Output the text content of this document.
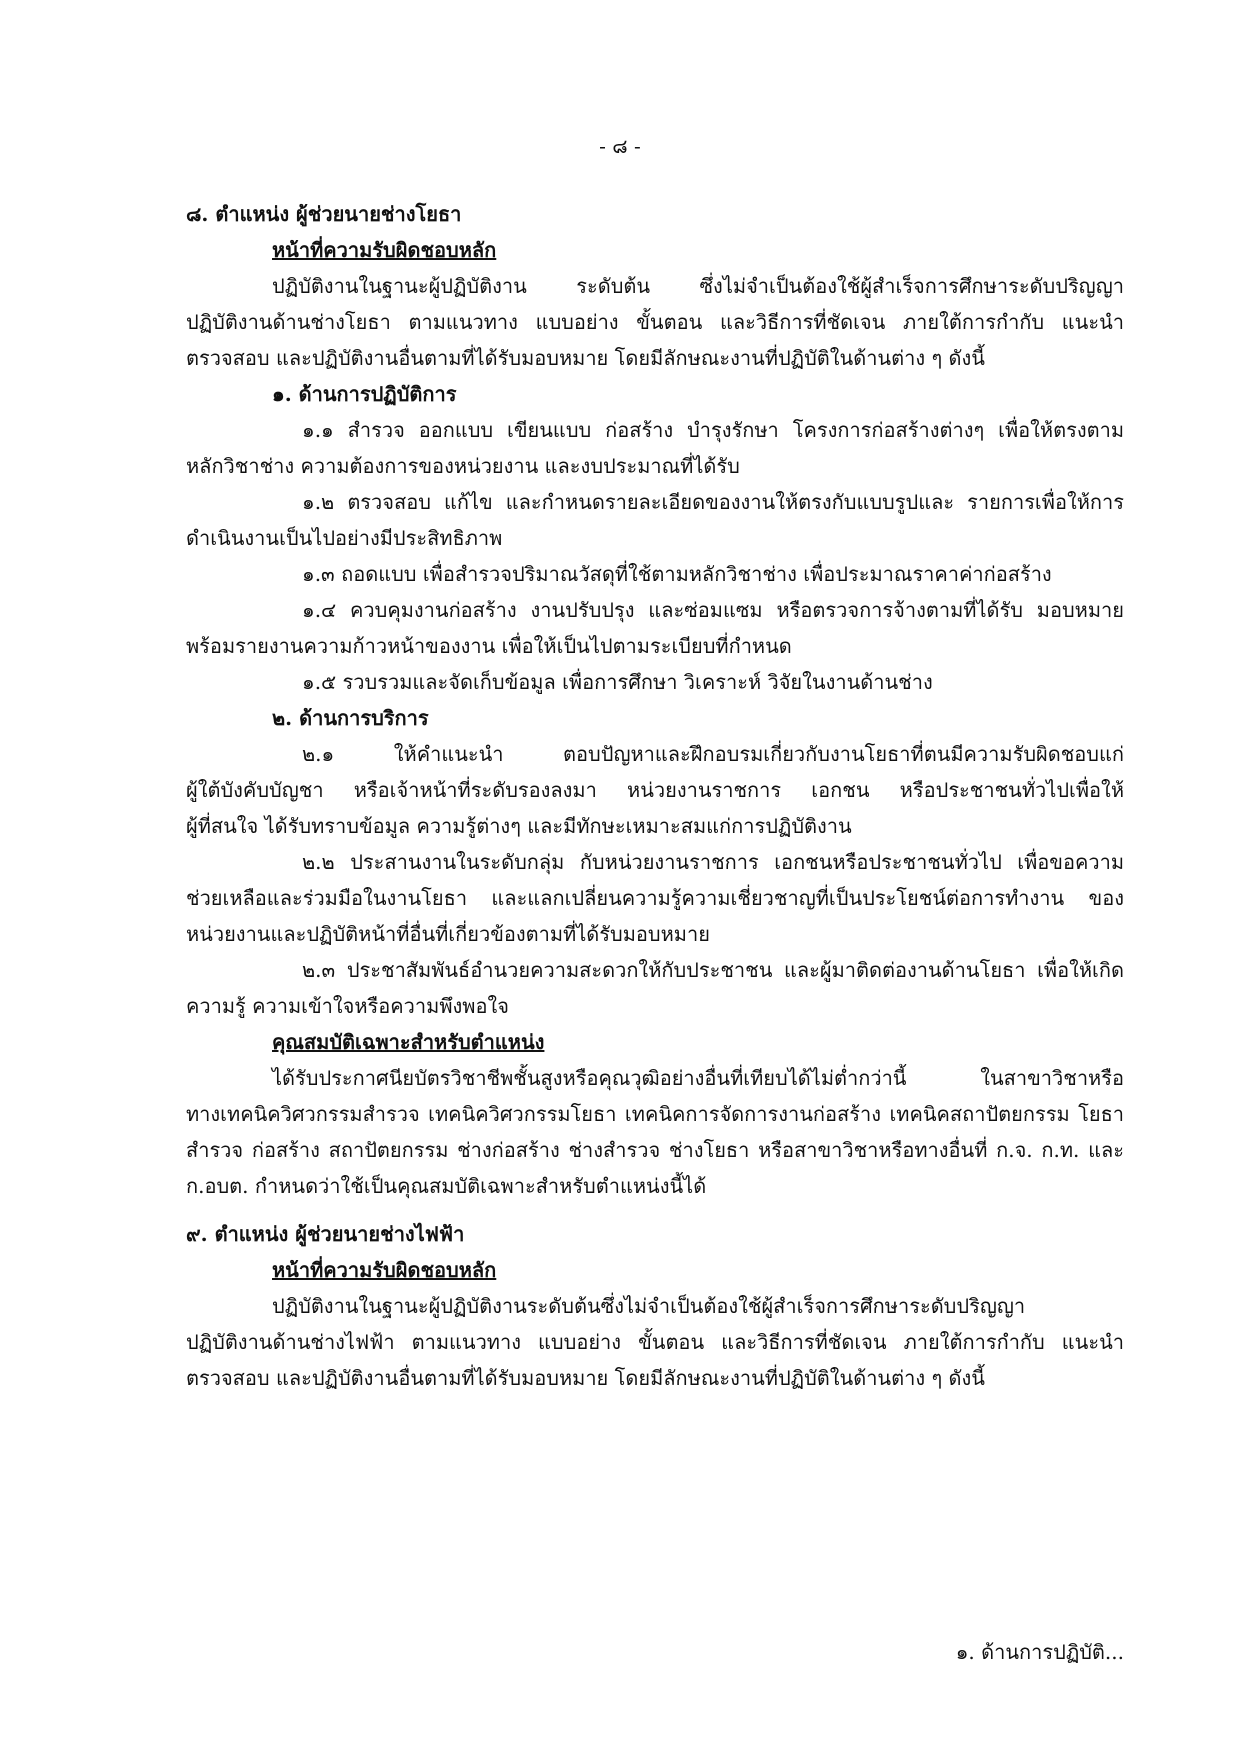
- ๘ -
๘. ตำแหน่ง ผู้ช่วยนายช่างโยธา
หน้าที่ความรับผิดชอบหลัก
ปฏิบัติงานในฐานะผู้ปฏิบัติงาน ระดับต้น ซึ่งไม่จำเป็นต้องใช้ผู้สำเร็จการศึกษาระดับปริญญา
ปฏิบัติงานด้านช่างโยธา ตามแนวทาง แบบอย่าง ขั้นตอน และวิธีการที่ชัดเจน ภายใต้การกำกับ แนะนำ
ตรวจสอบ และปฏิบัติงานอื่นตามที่ได้รับมอบหมาย โดยมีลักษณะงานที่ปฏิบัติในด้านต่าง ๆ ดังนี้
๑. ด้านการปฏิบัติการ
๑.๑ สำรวจ ออกแบบ เขียนแบบ ก่อสร้าง บำรุงรักษา โครงการก่อสร้างต่างๆ เพื่อให้ตรงตาม
หลักวิชาช่าง ความต้องการของหน่วยงาน และงบประมาณที่ได้รับ
๑.๒ ตรวจสอบ แก้ไข และกำหนดรายละเอียดของงานให้ตรงกับแบบรูปและ รายการเพื่อให้การ
ดำเนินงานเป็นไปอย่างมีประสิทธิภาพ
๑.๓ ถอดแบบ เพื่อสำรวจปริมาณวัสดุที่ใช้ตามหลักวิชาช่าง เพื่อประมาณราคาค่าก่อสร้าง
๑.๔ ควบคุมงานก่อสร้าง งานปรับปรุง และซ่อมแซม หรือตรวจการจ้างตามที่ได้รับ มอบหมาย
พร้อมรายงานความก้าวหน้าของงาน เพื่อให้เป็นไปตามระเบียบที่กำหนด
๑.๕ รวบรวมและจัดเก็บข้อมูล เพื่อการศึกษา วิเคราะห์ วิจัยในงานด้านช่าง
๒. ด้านการบริการ
๒.๑ ให้คำแนะนำ ตอบปัญหาและฝึกอบรมเกี่ยวกับงานโยธาที่ตนมีความรับผิดชอบแก่
ผู้ใต้บังคับบัญชา หรือเจ้าหน้าที่ระดับรองลงมา หน่วยงานราชการ เอกชน หรือประชาชนทั่วไปเพื่อให้
ผู้ที่สนใจ ได้รับทราบข้อมูล ความรู้ต่างๆ และมีทักษะเหมาะสมแก่การปฏิบัติงาน
๒.๒ ประสานงานในระดับกลุ่ม กับหน่วยงานราชการ เอกชนหรือประชาชนทั่วไป เพื่อขอความ
ช่วยเหลือและร่วมมือในงานโยธา และแลกเปลี่ยนความรู้ความเชี่ยวชาญที่เป็นประโยชน์ต่อการทำงาน ของ
หน่วยงานและปฏิบัติหน้าที่อื่นที่เกี่ยวข้องตามที่ได้รับมอบหมาย
๒.๓ ประชาสัมพันธ์อำนวยความสะดวกให้กับประชาชน และผู้มาติดต่องานด้านโยธา เพื่อให้เกิด
ความรู้ ความเข้าใจหรือความพึงพอใจ
คุณสมบัติเฉพาะสำหรับตำแหน่ง
ได้รับประกาศนียบัตรวิชาชีพชั้นสูงหรือคุณวุฒิอย่างอื่นที่เทียบได้ไม่ต่ำกว่านี้ ในสาขาวิชาหรือ
ทางเทคนิควิศวกรรมสำรวจ เทคนิควิศวกรรมโยธา เทคนิคการจัดการงานก่อสร้าง เทคนิคสถาปัตยกรรม โยธา
สำรวจ ก่อสร้าง สถาปัตยกรรม ช่างก่อสร้าง ช่างสำรวจ ช่างโยธา หรือสาขาวิชาหรือทางอื่นที่ ก.จ. ก.ท. และ
ก.อบต. กำหนดว่าใช้เป็นคุณสมบัติเฉพาะสำหรับตำแหน่งนี้ได้
๙. ตำแหน่ง ผู้ช่วยนายช่างไฟฟ้า
หน้าที่ความรับผิดชอบหลัก
ปฏิบัติงานในฐานะผู้ปฏิบัติงานระดับต้นซึ่งไม่จำเป็นต้องใช้ผู้สำเร็จการศึกษาระดับปริญญา
ปฏิบัติงานด้านช่างไฟฟ้า ตามแนวทาง แบบอย่าง ขั้นตอน และวิธีการที่ชัดเจน ภายใต้การกำกับ แนะนำ
ตรวจสอบ และปฏิบัติงานอื่นตามที่ได้รับมอบหมาย โดยมีลักษณะงานที่ปฏิบัติในด้านต่าง ๆ ดังนี้
๑. ด้านการปฏิบัติ...
